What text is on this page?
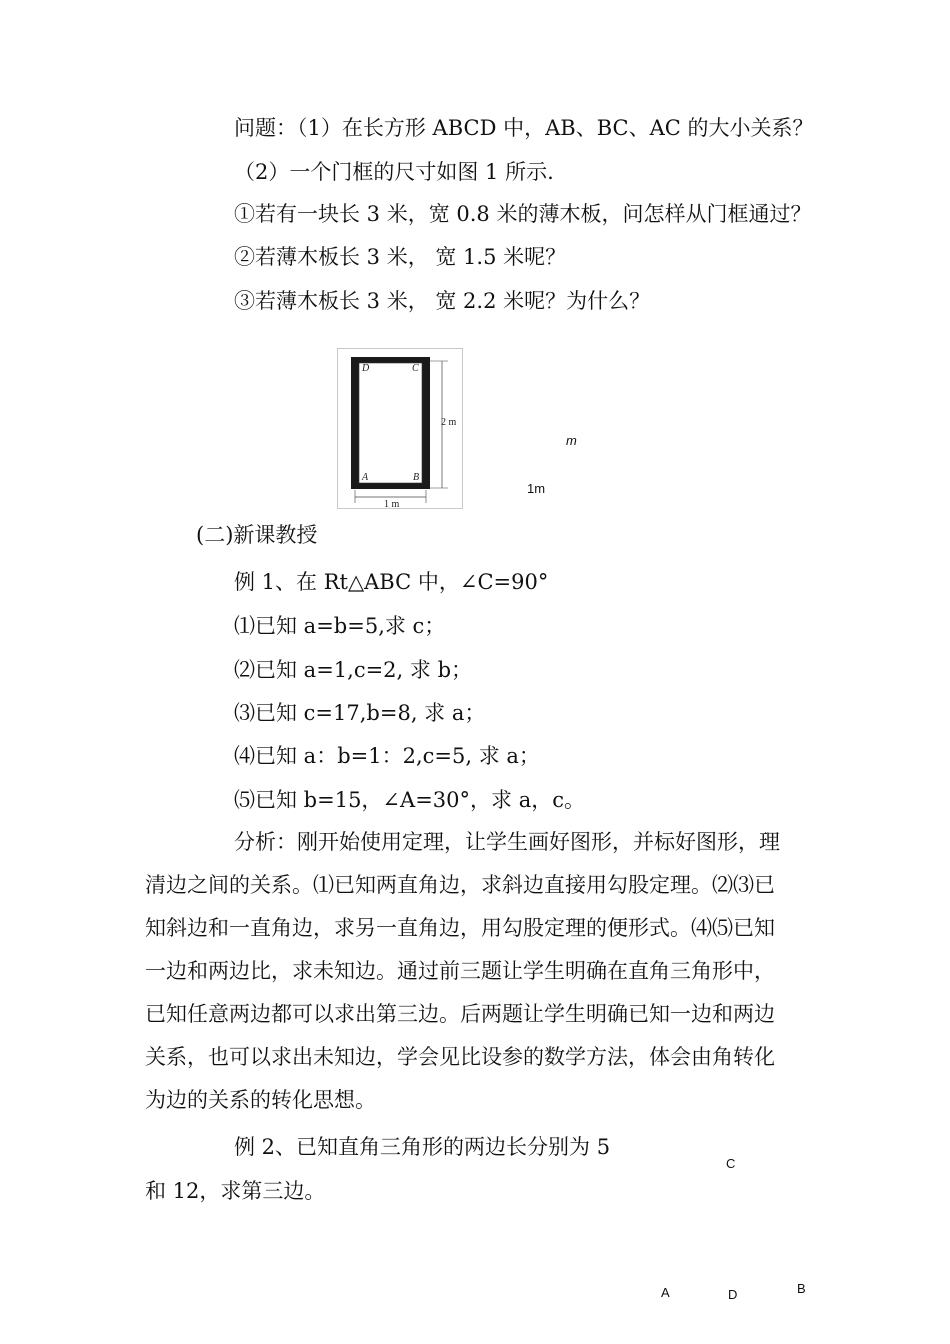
问题：（1）在长方形 ABCD 中，AB、BC、AC 的大小关系？
（2）一个门框的尺寸如图 1 所示.
①若有一块长 3 米，宽 0.8 米的薄木板，问怎样从门框通过？
②若薄木板长 3 米， 宽 1.5 米呢？
③若薄木板长 3 米， 宽 2.2 米呢？为什么？
D	C
A	B
2 m
1 m
m
1m
(二)新课教授
例 1、在 Rt△ABC 中，∠C=90°
⑴已知 a=b=5,求 c；
⑵已知 a=1,c=2, 求 b；
⑶已知 c=17,b=8, 求 a；
⑷已知 a：b=1：2,c=5, 求 a；
⑸已知 b=15，∠A=30°，求 a，c。
分析：刚开始使用定理，让学生画好图形，并标好图形，理
清边之间的关系。⑴已知两直角边，求斜边直接用勾股定理。⑵⑶已
知斜边和一直角边，求另一直角边，用勾股定理的便形式。⑷⑸已知
一边和两边比，求未知边。通过前三题让学生明确在直角三角形中，
已知任意两边都可以求出第三边。后两题让学生明确已知一边和两边
关系，也可以求出未知边，学会见比设参的数学方法，体会由角转化
为边的关系的转化思想。
例 2、已知直角三角形的两边长分别为 5
和 12，求第三边。
C
A	D	B
